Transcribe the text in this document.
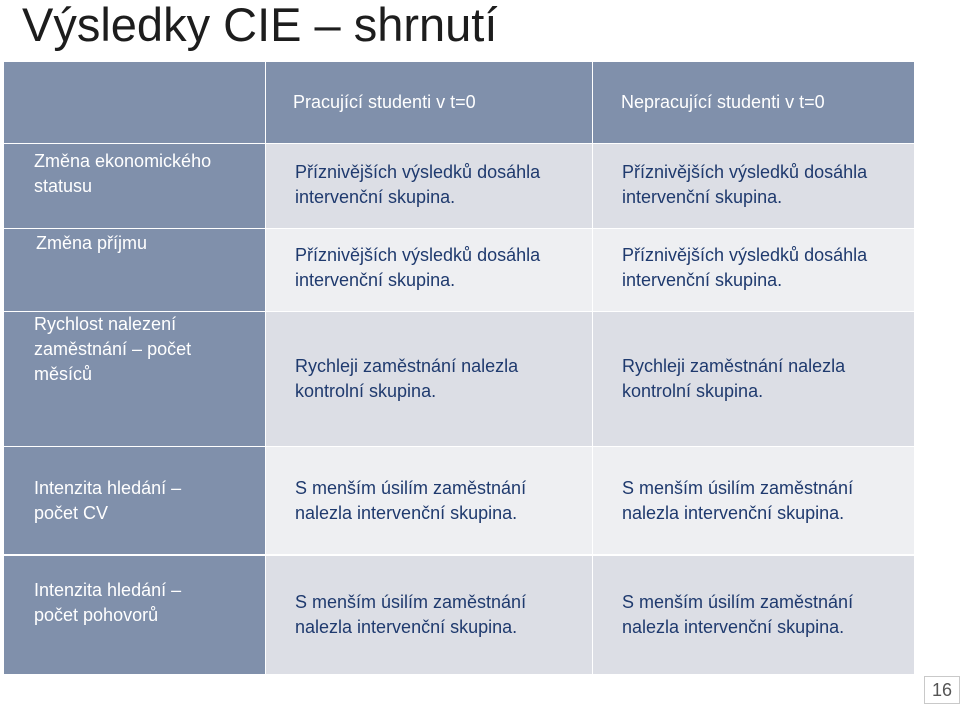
Výsledky CIE – shrnutí
Pracující studenti v t=0	Nepracující studenti v t=0
Změna ekonomického statusu
Příznivějších výsledků dosáhla intervenční skupina.
Příznivějších výsledků dosáhla intervenční skupina.
Změna příjmu
Příznivějších výsledků dosáhla intervenční skupina.
Příznivějších výsledků dosáhla intervenční skupina.
Rychlost nalezení zaměstnání – počet měsíců	Rychleji zaměstnání nalezla kontrolní skupina.
Rychleji zaměstnání nalezla kontrolní skupina.
Intenzita hledání – počet CV
S menším úsilím zaměstnání nalezla intervenční skupina.
S menším úsilím zaměstnání nalezla intervenční skupina.
Intenzita hledání – počet pohovorů
S menším úsilím zaměstnání nalezla intervenční skupina.
S menším úsilím zaměstnání nalezla intervenční skupina.
16
